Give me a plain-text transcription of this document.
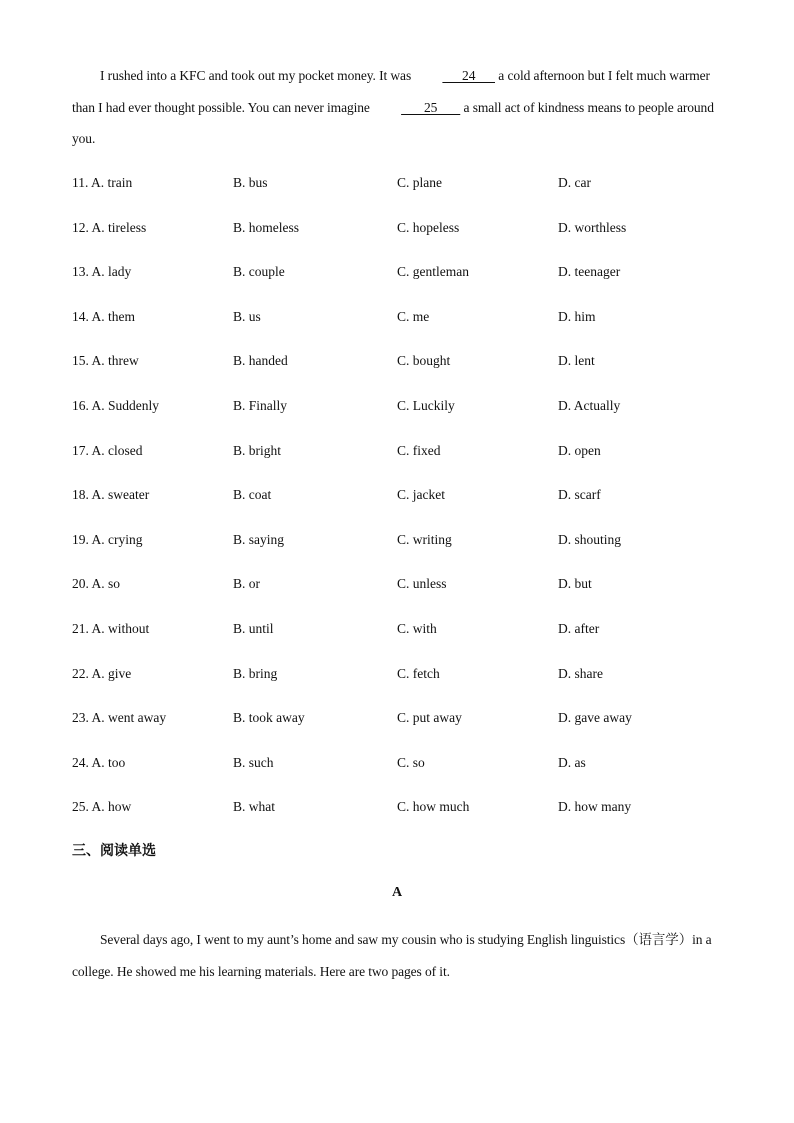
I rushed into a KFC and took out my pocket money. It was       24       a cold afternoon but I felt much warmer than I had ever thought possible. You can never imagine        25        a small act of kindness means to people around you.

11. A. train	B. bus	C. plane	D. car
12. A. tireless	B. homeless	C. hopeless	D. worthless
13. A. lady	B. couple	C. gentleman	D. teenager
14. A. them	B. us	C. me	D. him
15. A. threw	B. handed	C. bought	D. lent
16. A. Suddenly	B. Finally	C. Luckily	D. Actually
17. A. closed	B. bright	C. fixed	D. open
18. A. sweater	B. coat	C. jacket	D. scarf
19. A. crying	B. saying	C. writing	D. shouting
20. A. so	B. or	C. unless	D. but
21. A. without	B. until	C. with	D. after
22. A. give	B. bring	C. fetch	D. share
23. A. went away	B. took away	C. put away	D. gave away
24. A. too	B. such	C. so	D. as
25. A. how	B. what	C. how much	D. how many
三、阅读单选
A

Several days ago, I went to my aunt’s home and saw my cousin who is studying English linguistics（语言学）in a college. He showed me his learning materials. Here are two pages of it.
